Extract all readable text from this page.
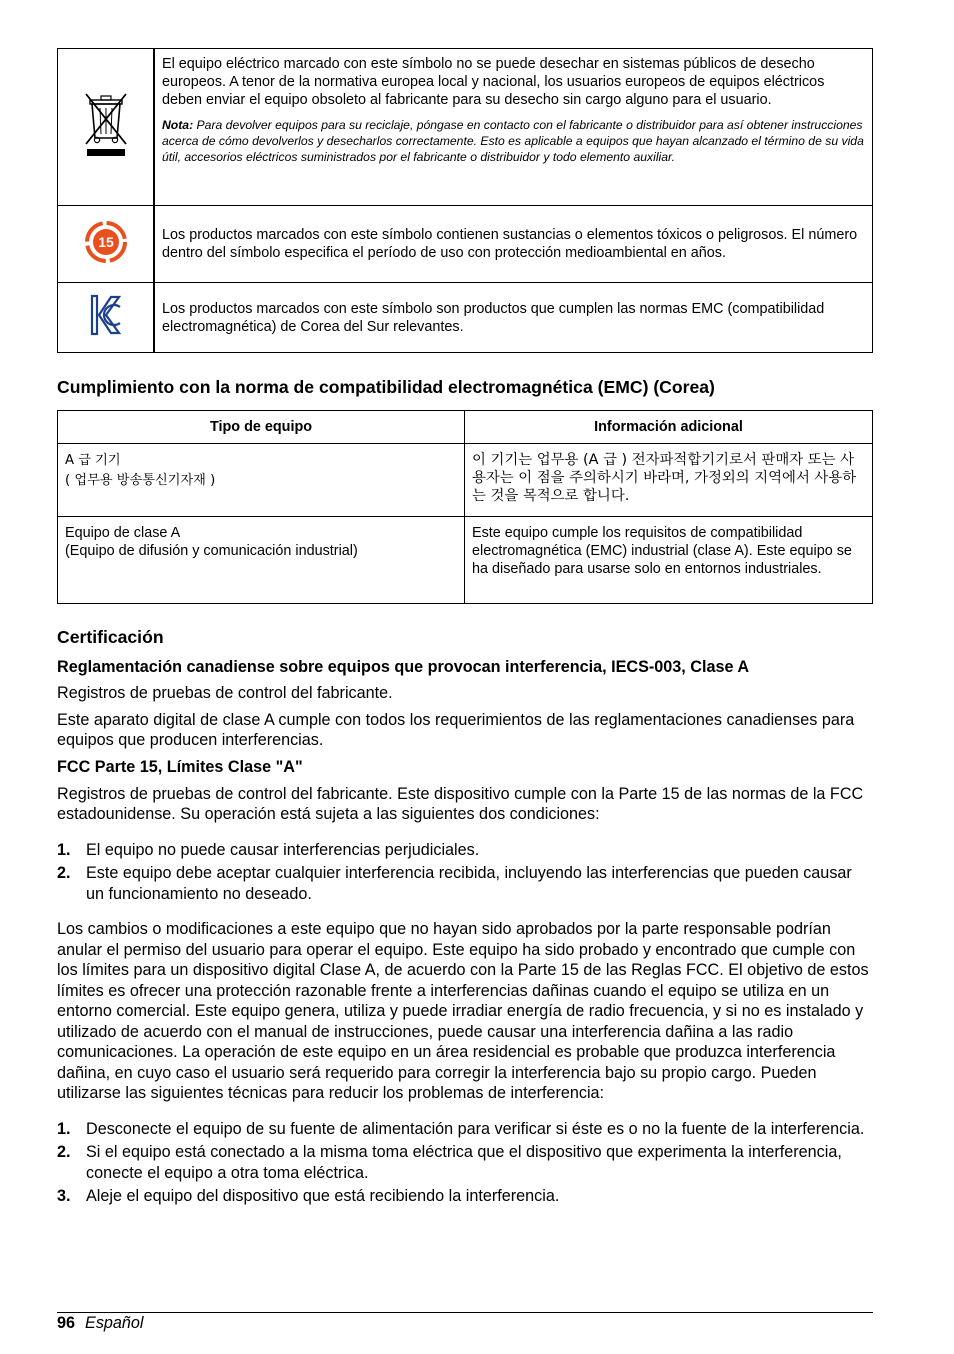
El equipo eléctrico marcado con este símbolo no se puede desechar en sistemas públicos de desecho europeos. A tenor de la normativa europea local y nacional, los usuarios europeos de equipos eléctricos deben enviar el equipo obsoleto al fabricante para su desecho sin cargo alguno para el usuario.
Nota: Para devolver equipos para su reciclaje, póngase en contacto con el fabricante o distribuidor para así obtener instrucciones acerca de cómo devolverlos y desecharlos correctamente. Esto es aplicable a equipos que hayan alcanzado el término de su vida útil, accesorios eléctricos suministrados por el fabricante o distribuidor y todo elemento auxiliar.

15	Los productos marcados con este símbolo contienen sustancias o elementos tóxicos o peligrosos. El número dentro del símbolo especifica el período de uso con protección medioambiental en años.

Los productos marcados con este símbolo son productos que cumplen las normas EMC (compatibilidad electromagnética) de Corea del Sur relevantes.
Cumplimiento con la norma de compatibilidad electromagnética (EMC) (Corea)
Tipo de equipo	Información adicional

A 급 기기
( 업무용 방송통신기자재 )	이 기기는 업무용 (A 급 ) 전자파적합기기로서 판매자 또는 사용자는 이 점을 주의하시기 바라며, 가정외의 지역에서 사용하는 것을 목적으로 합니다.

Equipo de clase A
(Equipo de difusión y comunicación industrial)	Este equipo cumple los requisitos de compatibilidad electromagnética (EMC) industrial (clase A). Este equipo se ha diseñado para usarse solo en entornos industriales.
Certificación
Reglamentación canadiense sobre equipos que provocan interferencia, IECS-003, Clase A

Registros de pruebas de control del fabricante.

Este aparato digital de clase A cumple con todos los requerimientos de las reglamentaciones canadienses para equipos que producen interferencias.

FCC Parte 15, Límites Clase "A"

Registros de pruebas de control del fabricante. Este dispositivo cumple con la Parte 15 de las normas de la FCC estadounidense. Su operación está sujeta a las siguientes dos condiciones:

1. El equipo no puede causar interferencias perjudiciales.
2. Este equipo debe aceptar cualquier interferencia recibida, incluyendo las interferencias que pueden causar un funcionamiento no deseado.

Los cambios o modificaciones a este equipo que no hayan sido aprobados por la parte responsable podrían anular el permiso del usuario para operar el equipo. Este equipo ha sido probado y encontrado que cumple con los límites para un dispositivo digital Clase A, de acuerdo con la Parte 15 de las Reglas FCC. El objetivo de estos límites es ofrecer una protección razonable frente a interferencias dañinas cuando el equipo se utiliza en un entorno comercial. Este equipo genera, utiliza y puede irradiar energía de radio frecuencia, y si no es instalado y utilizado de acuerdo con el manual de instrucciones, puede causar una interferencia dañina a las radio comunicaciones. La operación de este equipo en un área residencial es probable que produzca interferencia dañina, en cuyo caso el usuario será requerido para corregir la interferencia bajo su propio cargo. Pueden utilizarse las siguientes técnicas para reducir los problemas de interferencia:

1. Desconecte el equipo de su fuente de alimentación para verificar si éste es o no la fuente de la interferencia.
2. Si el equipo está conectado a la misma toma eléctrica que el dispositivo que experimenta la interferencia, conecte el equipo a otra toma eléctrica.
3. Aleje el equipo del dispositivo que está recibiendo la interferencia.
96 Español
